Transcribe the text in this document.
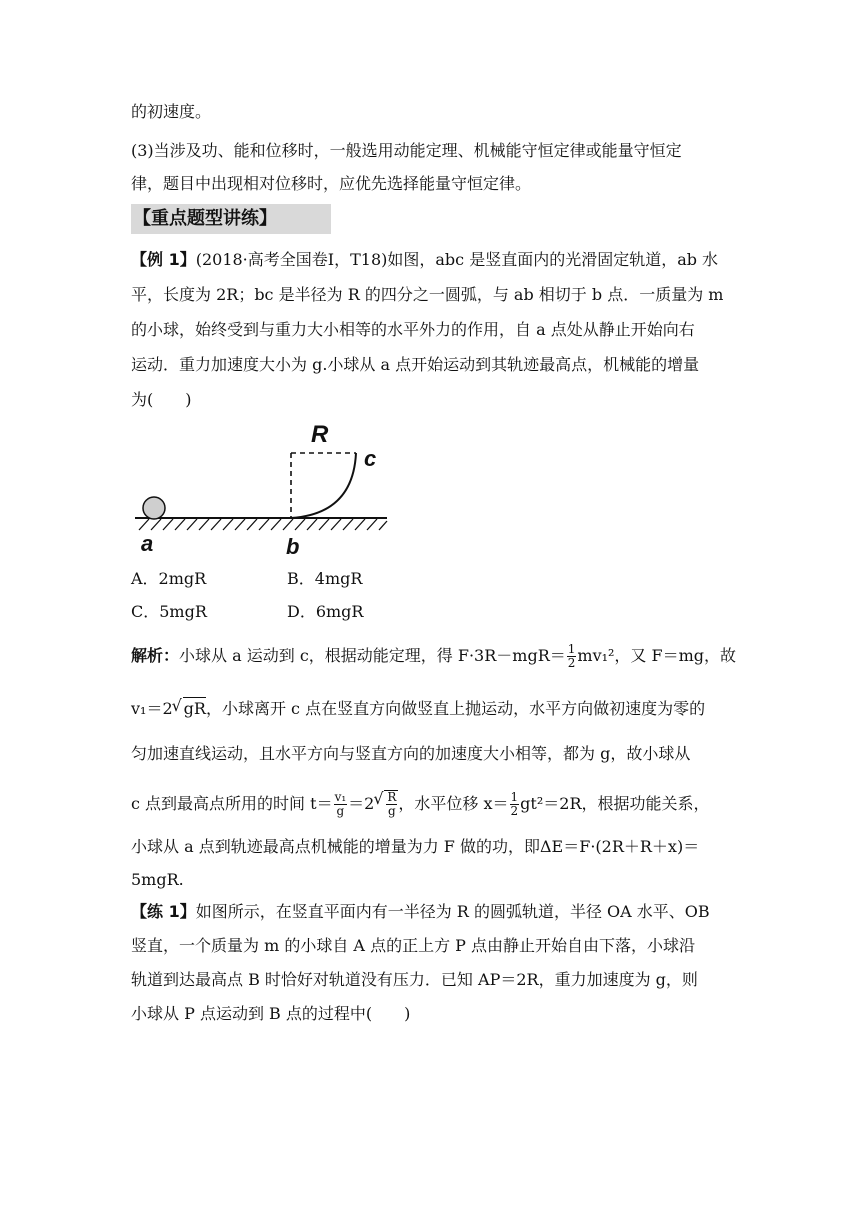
的初速度。
(3)当涉及功、能和位移时，一般选用动能定理、机械能守恒定律或能量守恒定
律，题目中出现相对位移时，应优先选择能量守恒定律。
【重点题型讲练】
【例 1】(2018·高考全国卷Ⅰ，T18)如图，abc 是竖直面内的光滑固定轨道，ab 水
平，长度为 2R；bc 是半径为 R 的四分之一圆弧，与 ab 相切于 b 点．一质量为 m
的小球，始终受到与重力大小相等的水平外力的作用，自 a 点处从静止开始向右
运动．重力加速度大小为 g.小球从 a 点开始运动到其轨迹最高点，机械能的增量
为(　　)
R
c
a	b
A．2mgR	B．4mgR
C．5mgR	D．6mgR
解析：小球从 a 运动到 c，根据动能定理，得 $F\cdot 3R-mgR= \frac{1}{2} mv_1^2$，又 F＝mg，故
v₁＝2 √ gR，小球离开 c 点在竖直方向做竖直上抛运动，水平方向做初速度为零的
匀加速直线运动，且水平方向与竖直方向的加速度大小相等，都为 g，故小球从
c 点到最高点所用的时间 $t= \frac{\text{v₁}}{g} =2$ √ $\frac{R}{g}$ ，水平位移 $x= \frac{1}{2} gt^2=2R$，根据功能关系，
小球从 a 点到轨迹最高点机械能的增量为力 F 做的功，即ΔE＝F·(2R＋R＋x)＝
5mgR.
【练 1】如图所示，在竖直平面内有一半径为 R 的圆弧轨道，半径 OA 水平、OB
竖直，一个质量为 m 的小球自 A 点的正上方 P 点由静止开始自由下落，小球沿
轨道到达最高点 B 时恰好对轨道没有压力．已知 AP＝2R，重力加速度为 g，则
小球从 P 点运动到 B 点的过程中(　　)
